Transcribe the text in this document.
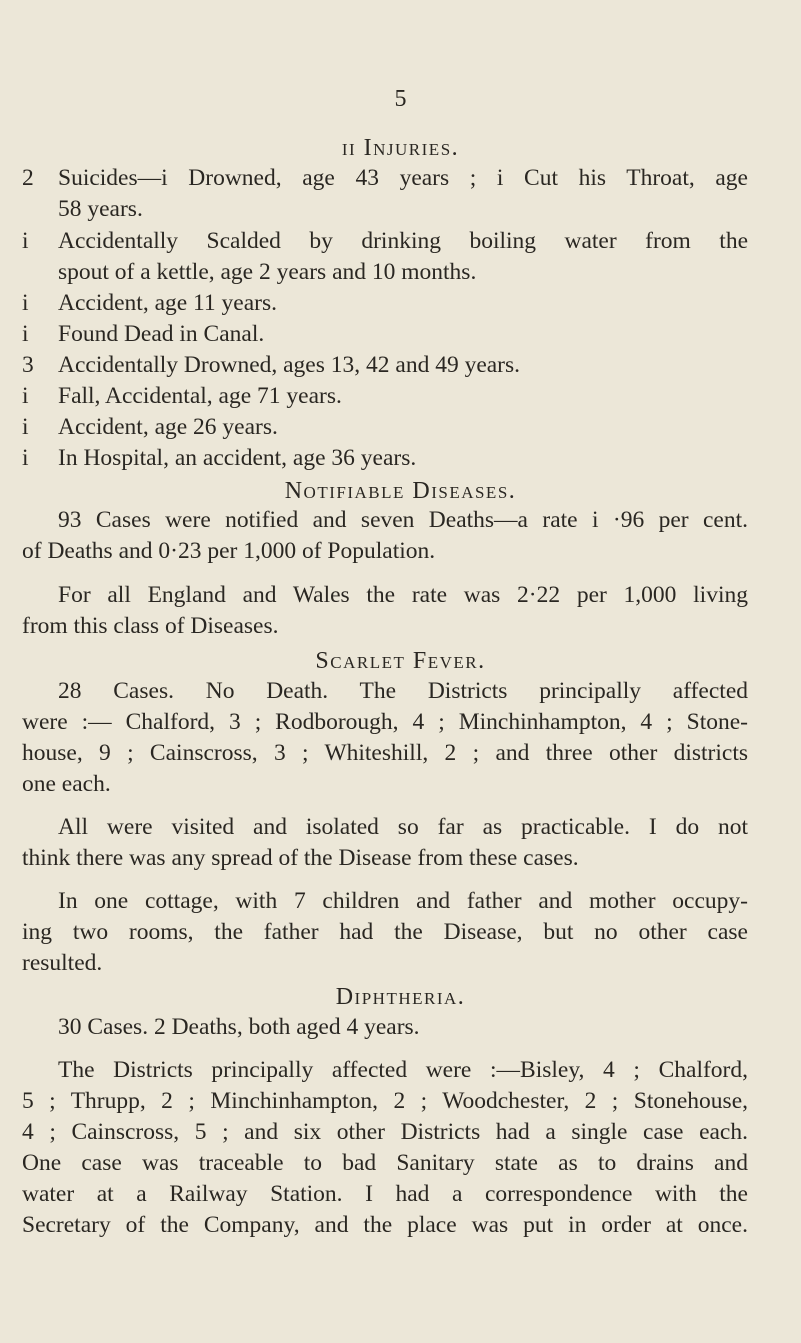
5
ii Injuries.
2	Suicides—i Drowned, age 43 years ; i Cut his Throat, age
58 years.
i	Accidentally Scalded by drinking boiling water from the
spout of a kettle, age 2 years and 10 months.
i	Accident, age 11 years.
i	Found Dead in Canal.
3	Accidentally Drowned, ages 13, 42 and 49 years.
i	Fall, Accidental, age 71 years.
i	Accident, age 26 years.
i	In Hospital, an accident, age 36 years.
Notifiable Diseases.
93 Cases were notified and seven Deaths—a rate i ·96 per cent.
of Deaths and 0·23 per 1,000 of Population.
For all England and Wales the rate was 2·22 per 1,000 living
from this class of Diseases.
Scarlet Fever.
28 Cases. No Death. The Districts principally affected
were :— Chalford, 3 ; Rodborough, 4 ; Minchinhampton, 4 ; Stone-
house, 9 ; Cainscross, 3 ; Whiteshill, 2 ; and three other districts
one each.
All were visited and isolated so far as practicable. I do not
think there was any spread of the Disease from these cases.
In one cottage, with 7 children and father and mother occupy-
ing two rooms, the father had the Disease, but no other case
resulted.
Diphtheria.
30 Cases. 2 Deaths, both aged 4 years.
The Districts principally affected were :—Bisley, 4 ; Chalford,
5 ; Thrupp, 2 ; Minchinhampton, 2 ; Woodchester, 2 ; Stonehouse,
4 ; Cainscross, 5 ; and six other Districts had a single case each.
One case was traceable to bad Sanitary state as to drains and
water at a Railway Station. I had a correspondence with the
Secretary of the Company, and the place was put in order at once.
